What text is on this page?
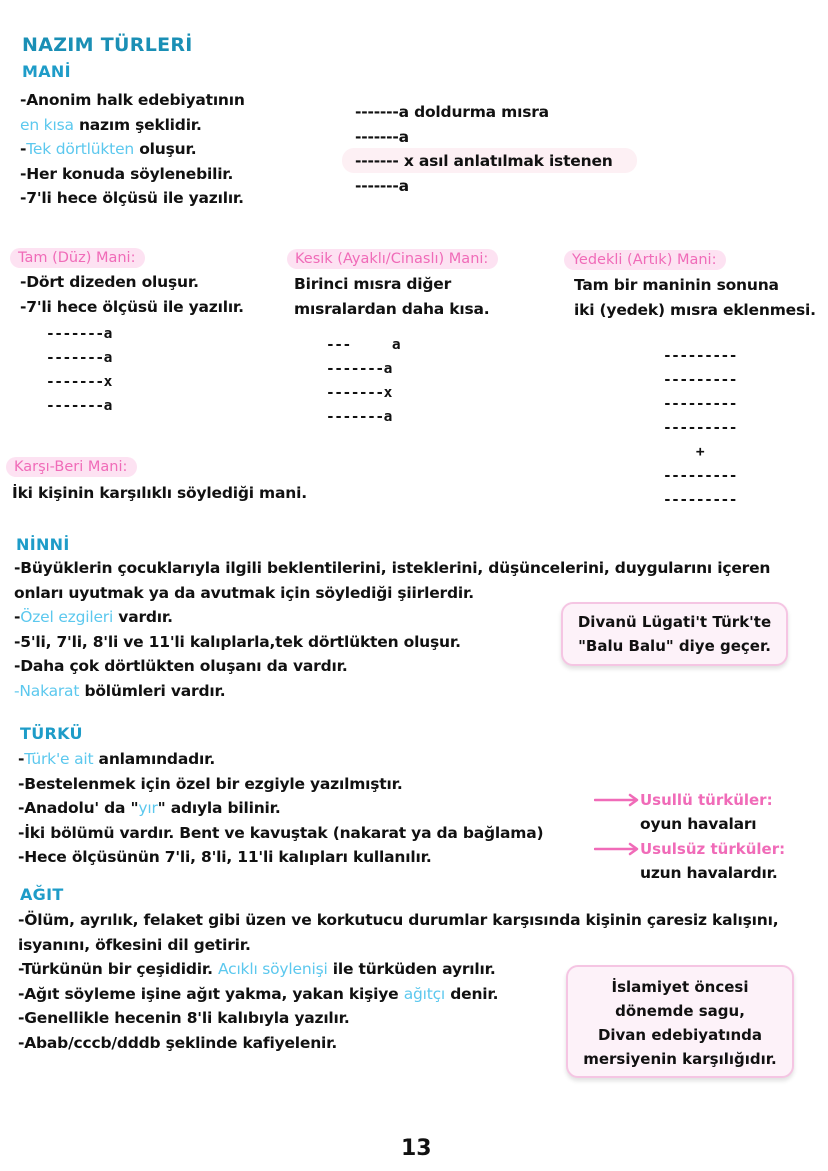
NAZIM TÜRLERİ
MANİ
-Anonim halk edebiyatının
en kısa nazım şeklidir.
-Tek dörtlükten oluşur.
-Her konuda söylenebilir.
-7'li hece ölçüsü ile yazılır.
-------a doldurma mısra
-------a
------- x asıl anlatılmak istenen
-------a
Tam (Düz) Mani:
-Dört dizeden oluşur.
-7'li hece ölçüsü ile yazılır.
-------a
-------a
-------x
-------a
Kesik (Ayaklı/Cinaslı) Mani:
Birinci mısra diğer
mısralardan daha kısa.
---     a
-------a
-------x
-------a
Yedekli (Artık) Mani:
Tam bir maninin sonuna
iki (yedek) mısra eklenmesi.
---------
---------
---------
---------
+
---------
---------
Karşı-Beri Mani:
İki kişinin karşılıklı söylediği mani.
NİNNİ
-Büyüklerin çocuklarıyla ilgili beklentilerini, isteklerini, düşüncelerini, duygularını içeren
onları uyutmak ya da avutmak için söylediği şiirlerdir.
-Özel ezgileri vardır.
-5'li, 7'li, 8'li ve 11'li kalıplarla,tek dörtlükten oluşur.
-Daha çok dörtlükten oluşanı da vardır.
-Nakarat bölümleri vardır.
Divanü Lügati't Türk'te
"Balu Balu" diye geçer.
TÜRKÜ
-Türk'e ait anlamındadır.
-Bestelenmek için özel bir ezgiyle yazılmıştır.
-Anadolu' da "yır" adıyla bilinir.
-İki bölümü vardır. Bent ve kavuştak (nakarat ya da bağlama)
-Hece ölçüsünün 7'li, 8'li, 11'li kalıpları kullanılır.
Usullü türküler:
oyun havaları
Usulsüz türküler:
uzun havalardır.
AĞIT
-Ölüm, ayrılık, felaket gibi üzen ve korkutucu durumlar karşısında kişinin çaresiz kalışını,
isyanını, öfkesini dil getirir.
-Türkünün bir çeşididir. Acıklı söylenişi ile türküden ayrılır.
-Ağıt söyleme işine ağıt yakma, yakan kişiye ağıtçı denir.
-Genellikle hecenin 8'li kalıbıyla yazılır.
-Abab/cccb/dddb şeklinde kafiyelenir.
İslamiyet öncesi
dönemde sagu,
Divan edebiyatında
mersiyenin karşılığıdır.
13
